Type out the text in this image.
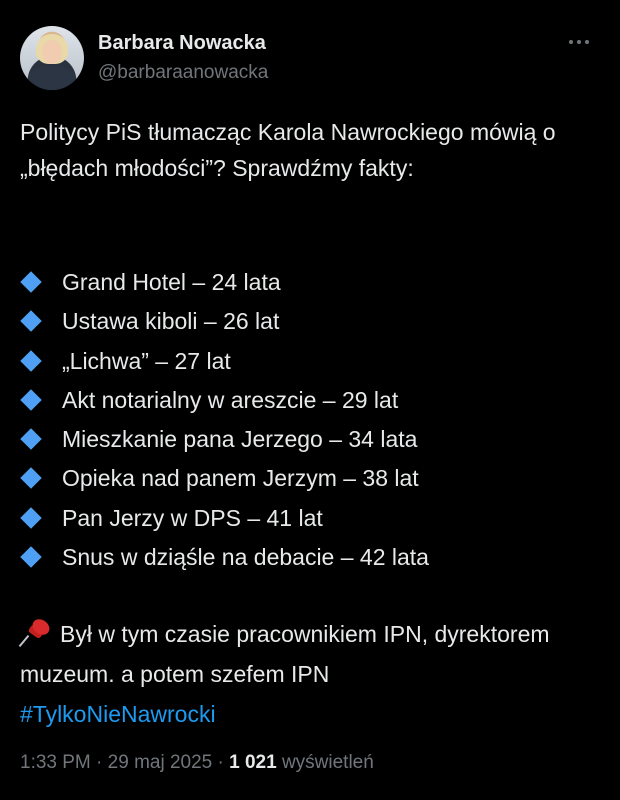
Barbara Nowacka
@barbaraanowacka
Politycy PiS tłumacząc Karola Nawrockiego mówią o „błędach młodości”? Sprawdźmy fakty:
Grand Hotel – 24 lata
Ustawa kiboli – 26 lat
„Lichwa” – 27 lat
Akt notarialny w areszcie – 29 lat
Mieszkanie pana Jerzego – 34 lata
Opieka nad panem Jerzym – 38 lat
Pan Jerzy w DPS – 41 lat
Snus w dziąśle na debacie – 42 lata
Był w tym czasie pracownikiem IPN, dyrektorem muzeum. a potem szefem IPN
#TylkoNieNawrocki
1:33 PM · 29 maj 2025 · 1 021 wyświetleń
